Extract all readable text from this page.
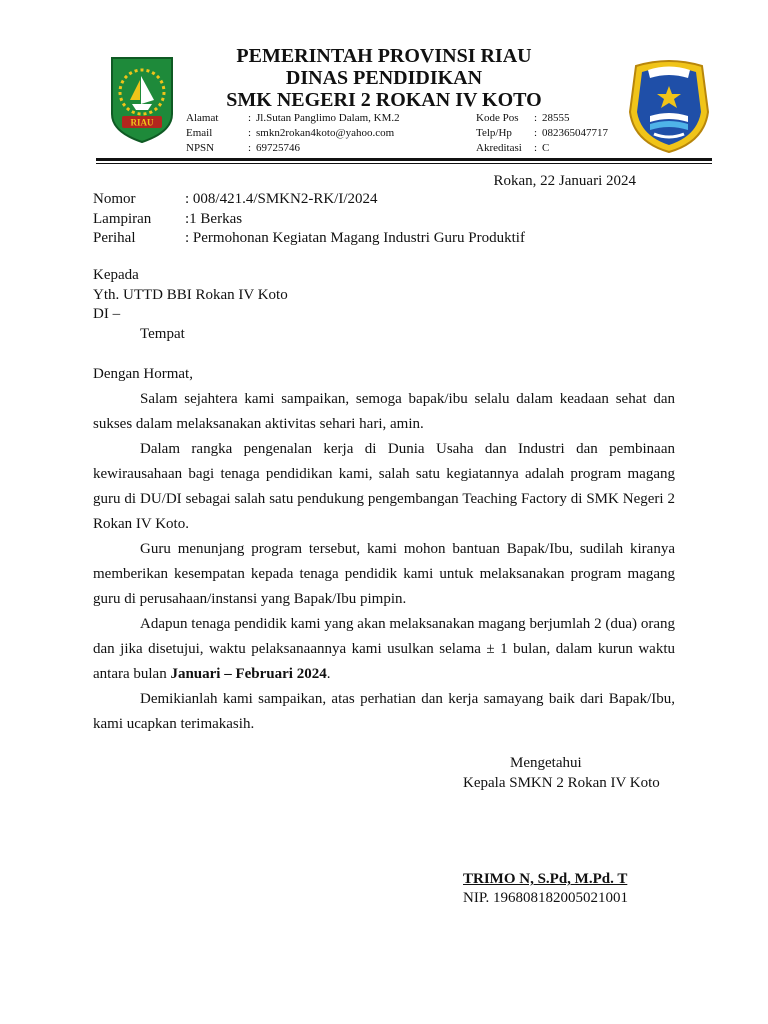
RIAU
PEMERINTAH PROVINSI RIAU
DINAS PENDIDIKAN
SMK NEGERI 2 ROKAN IV KOTO
Alamat	: Jl.Sutan Panglimo Dalam, KM.2
Email	: smkn2rokan4koto@yahoo.com
NPSN	: 69725746
Kode Pos	: 28555
Telp/Hp	: 082365047717
Akreditasi	: C
Rokan, 22 Januari 2024
Nomor	: 008/421.4/SMKN2-RK/I/2024
Lampiran	:1 Berkas
Perihal	: Permohonan Kegiatan Magang Industri Guru Produktif
Kepada
Yth. UTTD BBI Rokan IV Koto
DI –
Tempat

Dengan Hormat,

Salam sejahtera kami sampaikan, semoga bapak/ibu selalu dalam keadaan sehat dan sukses dalam melaksanakan aktivitas sehari hari, amin.

Dalam rangka pengenalan kerja di Dunia Usaha dan Industri dan pembinaan kewirausahaan bagi tenaga pendidikan kami, salah satu kegiatannya adalah program magang guru di DU/DI sebagai salah satu pendukung pengembangan Teaching Factory di SMK Negeri 2 Rokan IV Koto.

Guru menunjang program tersebut, kami mohon bantuan Bapak/Ibu, sudilah kiranya memberikan kesempatan kepada tenaga pendidik kami untuk melaksanakan program magang guru di perusahaan/instansi yang Bapak/Ibu pimpin.

Adapun tenaga pendidik kami yang akan melaksanakan magang berjumlah 2 (dua) orang dan jika disetujui, waktu pelaksanaannya kami usulkan selama ± 1 bulan, dalam kurun waktu antara bulan Januari – Februari 2024.

Demikianlah kami sampaikan, atas perhatian dan kerja samayang baik dari Bapak/Ibu, kami ucapkan terimakasih.

Mengetahui
Kepala SMKN 2 Rokan IV Koto
TRIMO N, S.Pd, M.Pd. T
NIP. 196808182005021001
